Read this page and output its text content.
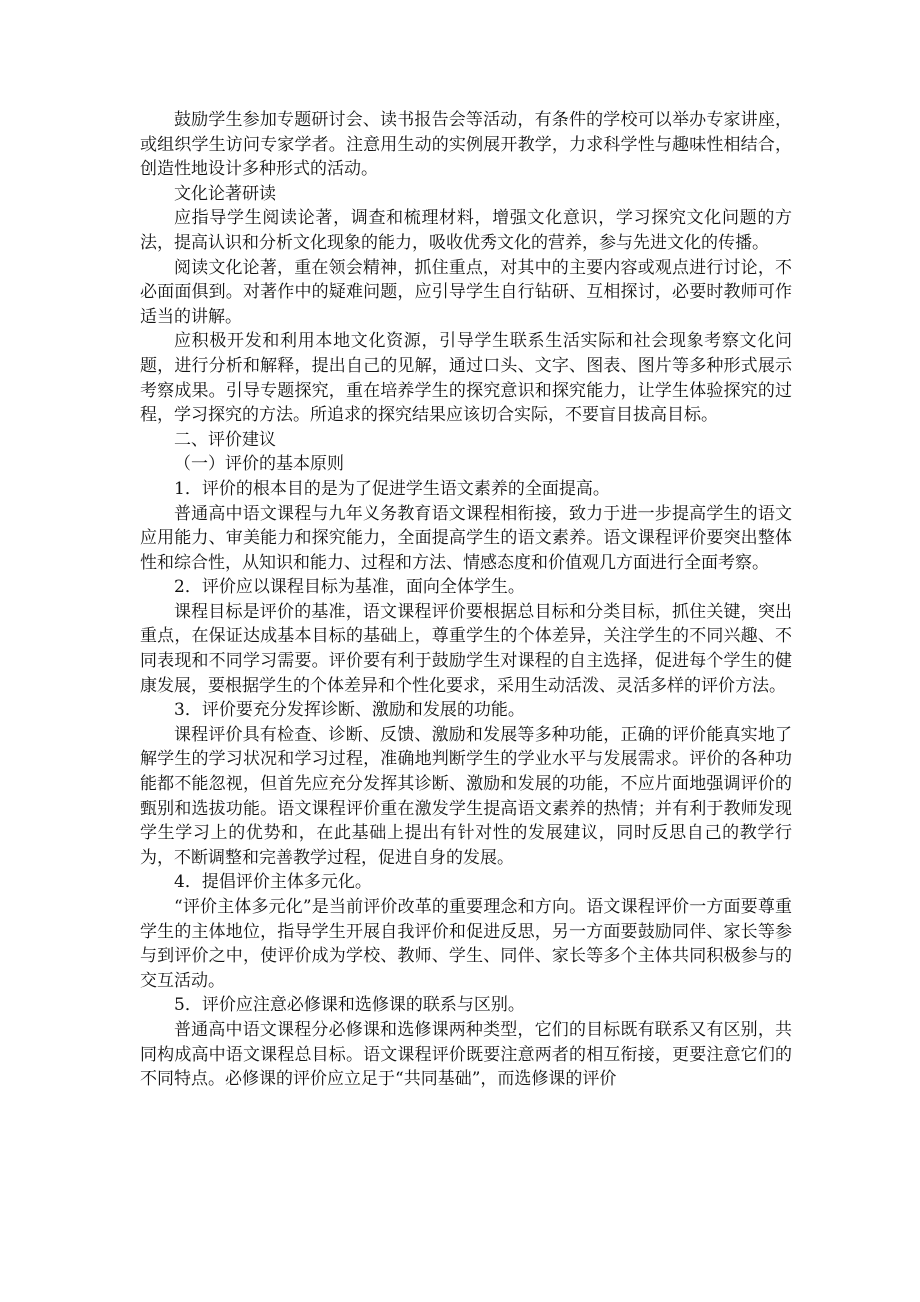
鼓励学生参加专题研讨会、读书报告会等活动，有条件的学校可以举办专家讲座，或组织学生访问专家学者。注意用生动的实例展开教学，力求科学性与趣味性相结合，创造性地设计多种形式的活动。

文化论著研读

应指导学生阅读论著，调查和梳理材料，增强文化意识，学习探究文化问题的方法，提高认识和分析文化现象的能力，吸收优秀文化的营养，参与先进文化的传播。

阅读文化论著，重在领会精神，抓住重点，对其中的主要内容或观点进行讨论，不必面面俱到。对著作中的疑难问题，应引导学生自行钻研、互相探讨，必要时教师可作适当的讲解。

应积极开发和利用本地文化资源，引导学生联系生活实际和社会现象考察文化问题，进行分析和解释，提出自己的见解，通过口头、文字、图表、图片等多种形式展示考察成果。引导专题探究，重在培养学生的探究意识和探究能力，让学生体验探究的过程，学习探究的方法。所追求的探究结果应该切合实际，不要盲目拔高目标。

二、评价建议

（一）评价的基本原则

1．评价的根本目的是为了促进学生语文素养的全面提高。

普通高中语文课程与九年义务教育语文课程相衔接，致力于进一步提高学生的语文应用能力、审美能力和探究能力，全面提高学生的语文素养。语文课程评价要突出整体性和综合性，从知识和能力、过程和方法、情感态度和价值观几方面进行全面考察。

2．评价应以课程目标为基准，面向全体学生。

课程目标是评价的基准，语文课程评价要根据总目标和分类目标，抓住关键，突出重点，在保证达成基本目标的基础上，尊重学生的个体差异，关注学生的不同兴趣、不同表现和不同学习需要。评价要有利于鼓励学生对课程的自主选择，促进每个学生的健康发展，要根据学生的个体差异和个性化要求，采用生动活泼、灵活多样的评价方法。

3．评价要充分发挥诊断、激励和发展的功能。

课程评价具有检查、诊断、反馈、激励和发展等多种功能，正确的评价能真实地了解学生的学习状况和学习过程，准确地判断学生的学业水平与发展需求。评价的各种功能都不能忽视，但首先应充分发挥其诊断、激励和发展的功能，不应片面地强调评价的甄别和选拔功能。语文课程评价重在激发学生提高语文素养的热情；并有利于教师发现学生学习上的优势和，在此基础上提出有针对性的发展建议，同时反思自己的教学行为，不断调整和完善教学过程，促进自身的发展。

4．提倡评价主体多元化。

“评价主体多元化”是当前评价改革的重要理念和方向。语文课程评价一方面要尊重学生的主体地位，指导学生开展自我评价和促进反思，另一方面要鼓励同伴、家长等参与到评价之中，使评价成为学校、教师、学生、同伴、家长等多个主体共同积极参与的交互活动。

5．评价应注意必修课和选修课的联系与区别。

普通高中语文课程分必修课和选修课两种类型，它们的目标既有联系又有区别，共同构成高中语文课程总目标。语文课程评价既要注意两者的相互衔接，更要注意它们的不同特点。必修课的评价应立足于“共同基础”，而选修课的评价
